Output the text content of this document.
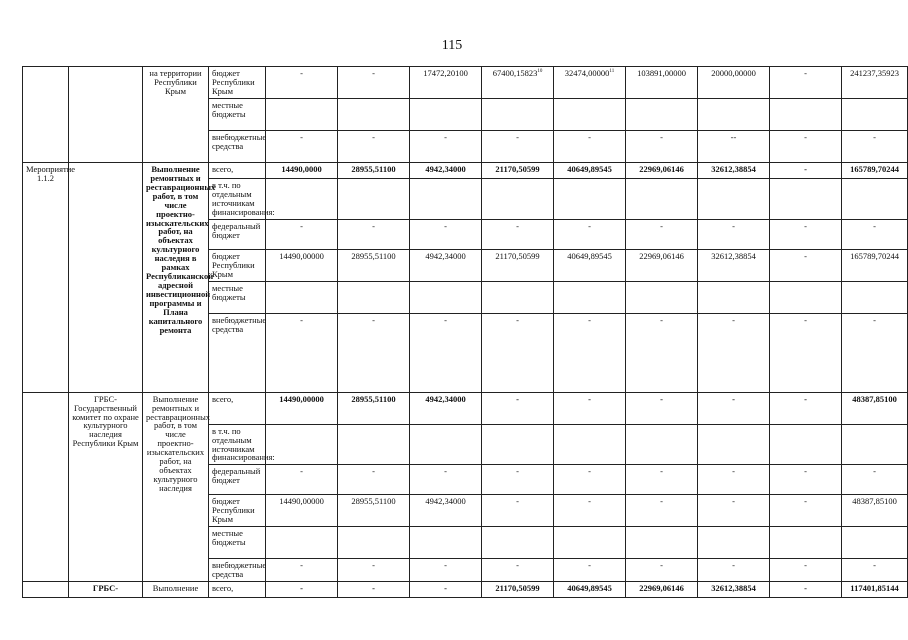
115
		на территории Республики Крым	бюджет Республики Крым	-	-	17472,20100	67400,15823$^{10}$	32474,00000$^{11}$	103891,00000	20000,00000	-	241237,35923
			местные бюджеты									
			внебюджетные средства	-	-	-	-	-	-	--	-	-
Мероприятие 1.1.2		Выполнение ремонтных и реставрационных работ, в том числе проектно-изыскательских работ, на объектах культурного наследия в рамках Республиканской адресной инвестиционной программы и Плана капитального ремонта	всего,	14490,0000	28955,51100	4942,34000	21170,50599	40649,89545	22969,06146	32612,38854	-	165789,70244
			в т.ч. по отдельным источникам финансирования:									
			федеральный бюджет	-	-	-	-	-	-	-	-	-
			бюджет Республики Крым	14490,00000	28955,51100	4942,34000	21170,50599	40649,89545	22969,06146	32612,38854	-	165789,70244
			местные бюджеты									
			внебюджетные средства	-	-	-	-	-	-	-	-	-
	ГРБС-Государственный комитет по охране культурного наследия Республики Крым	Выполнение ремонтных и реставрационных работ, в том числе проектно-изыскательских работ, на объектах культурного наследия	всего,	14490,00000	28955,51100	4942,34000	-	-	-	-	-	48387,85100
			в т.ч. по отдельным источникам финансирования:									
			федеральный бюджет	-	-	-	-	-	-	-	-	-
			бюджет Республики Крым	14490,00000	28955,51100	4942,34000	-	-	-	-	-	48387,85100
			местные бюджеты									
			внебюджетные средства	-	-	-	-	-	-	-	-	-
	ГРБС-	Выполнение	всего,	-	-	-	21170,50599	40649,89545	22969,06146	32612,38854	-	117401,85144
